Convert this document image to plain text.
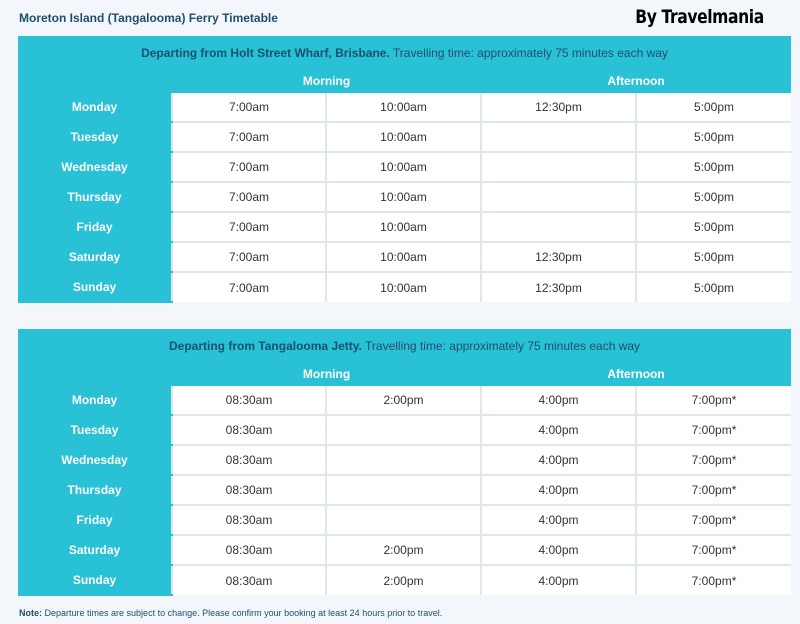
Moreton Island (Tangalooma) Ferry Timetable	By Travelmania
Departing from Holt Street Wharf, Brisbane. Travelling time: approximately 75 minutes each way				
	Morning		Afternoon	
Monday	7:00am	10:00am	12:30pm	5:00pm
Tuesday	7:00am	10:00am		5:00pm
Wednesday	7:00am	10:00am		5:00pm
Thursday	7:00am	10:00am		5:00pm
Friday	7:00am	10:00am		5:00pm
Saturday	7:00am	10:00am	12:30pm	5:00pm
Sunday	7:00am	10:00am	12:30pm	5:00pm
Departing from Tangalooma Jetty. Travelling time: approximately 75 minutes each way				
	Morning		Afternoon	
Monday	08:30am	2:00pm	4:00pm	7:00pm*
Tuesday	08:30am		4:00pm	7:00pm*
Wednesday	08:30am		4:00pm	7:00pm*
Thursday	08:30am		4:00pm	7:00pm*
Friday	08:30am		4:00pm	7:00pm*
Saturday	08:30am	2:00pm	4:00pm	7:00pm*
Sunday	08:30am	2:00pm	4:00pm	7:00pm*
Note: Departure times are subject to change. Please confirm your booking at least 24 hours prior to travel.
